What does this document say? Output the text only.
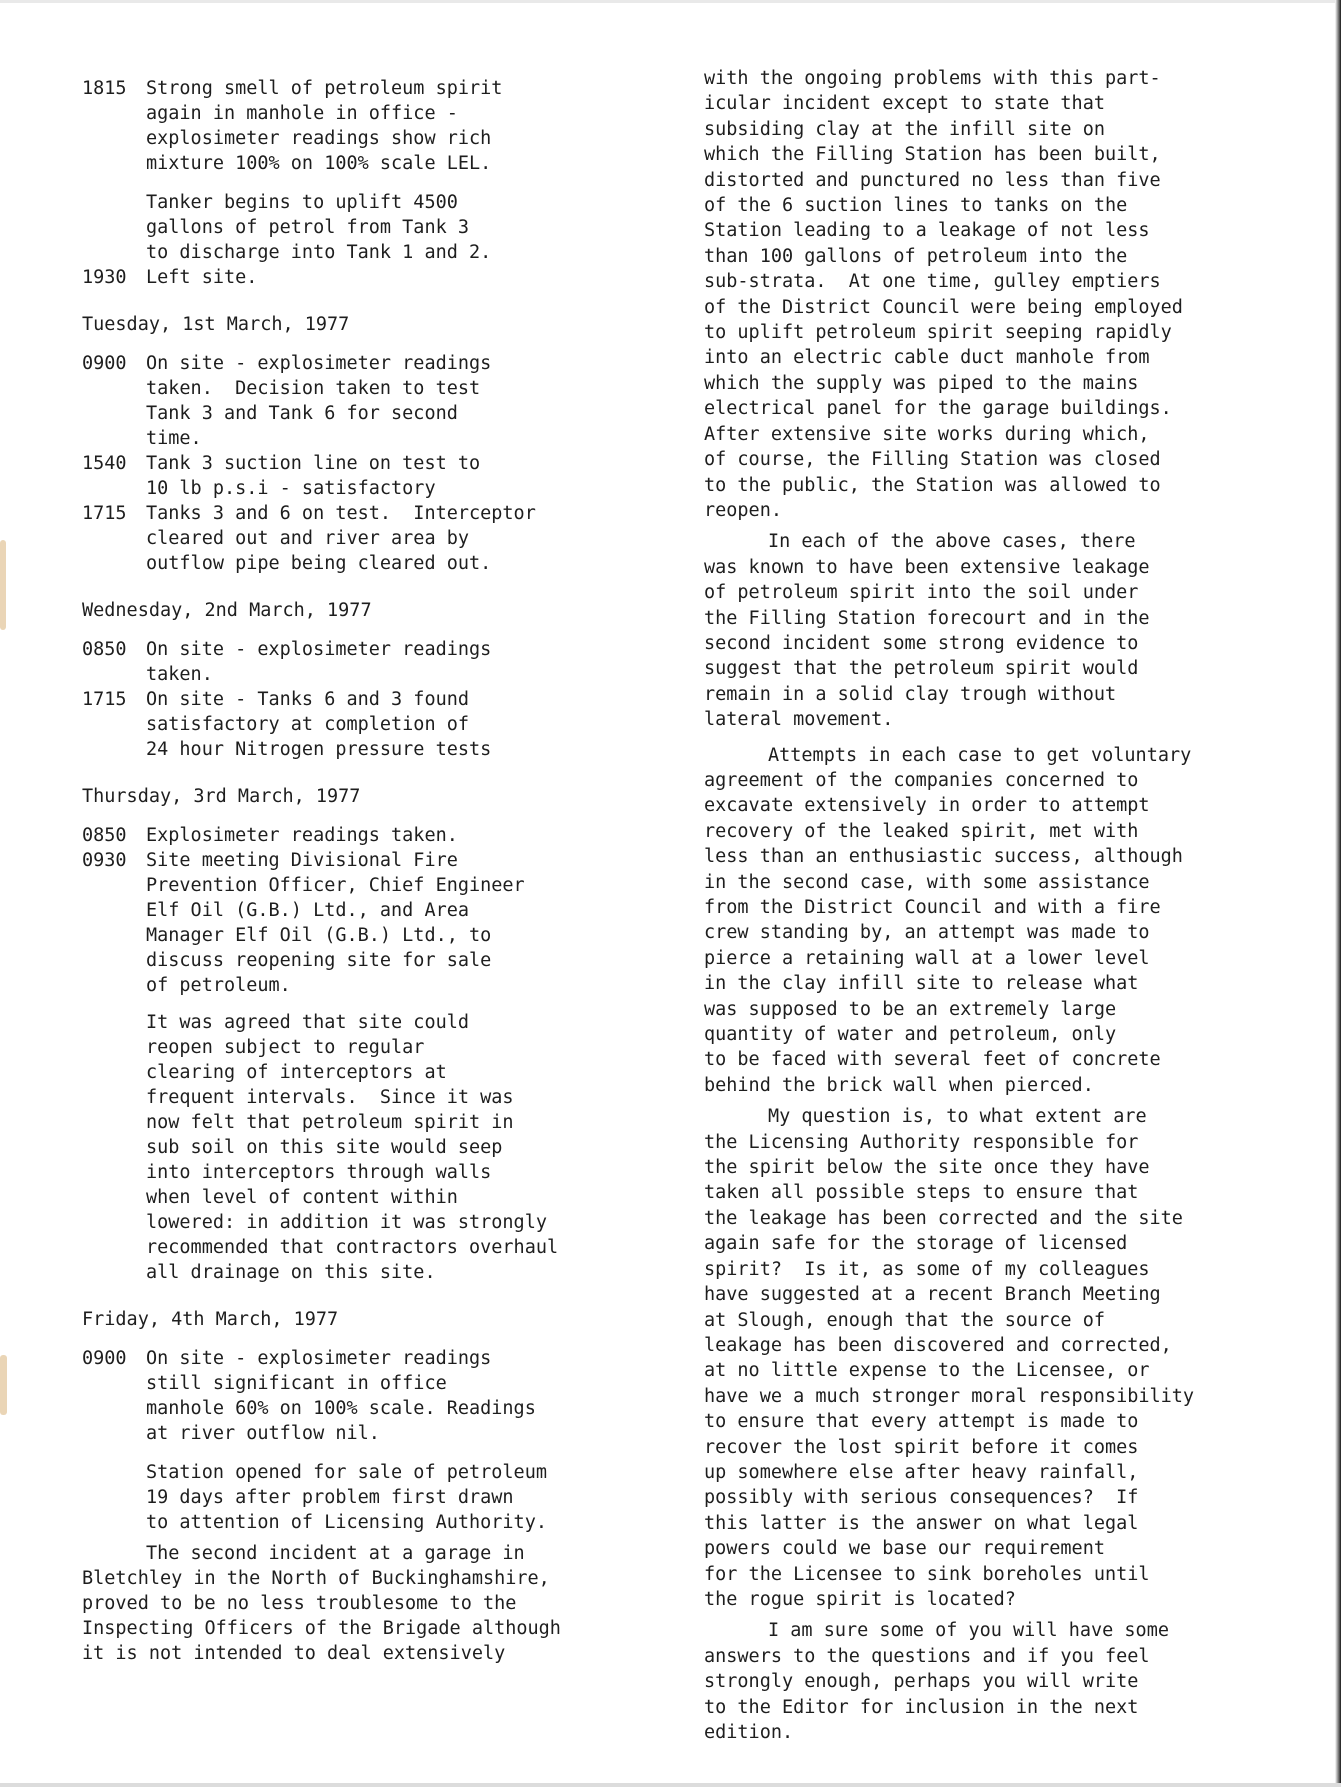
1815 Strong smell of petroleum spirit
again in manhole in office -
explosimeter readings show rich
mixture 100% on 100% scale LEL.
Tanker begins to uplift 4500
gallons of petrol from Tank 3
to discharge into Tank 1 and 2.
1930 Left site.
Tuesday, 1st March, 1977
0900 On site - explosimeter readings
taken.  Decision taken to test
Tank 3 and Tank 6 for second
time.
1540 Tank 3 suction line on test to
10 lb p.s.i - satisfactory
1715 Tanks 3 and 6 on test.  Interceptor
cleared out and river area by
outflow pipe being cleared out.
Wednesday, 2nd March, 1977
0850 On site - explosimeter readings
taken.
1715 On site - Tanks 6 and 3 found
satisfactory at completion of
24 hour Nitrogen pressure tests
Thursday, 3rd March, 1977
0850 Explosimeter readings taken.
0930 Site meeting Divisional Fire
Prevention Officer, Chief Engineer
Elf Oil (G.B.) Ltd., and Area
Manager Elf Oil (G.B.) Ltd., to
discuss reopening site for sale
of petroleum.
It was agreed that site could
reopen subject to regular
clearing of interceptors at
frequent intervals.  Since it was
now felt that petroleum spirit in
sub soil on this site would seep
into interceptors through walls
when level of content within
lowered: in addition it was strongly
recommended that contractors overhaul
all drainage on this site.
Friday, 4th March, 1977
0900 On site - explosimeter readings
still significant in office
manhole 60% on 100% scale. Readings
at river outflow nil.
Station opened for sale of petroleum
19 days after problem first drawn
to attention of Licensing Authority.
The second incident at a garage in
Bletchley in the North of Buckinghamshire,
proved to be no less troublesome to the
Inspecting Officers of the Brigade although
it is not intended to deal extensively
with the ongoing problems with this part-
icular incident except to state that
subsiding clay at the infill site on
which the Filling Station has been built,
distorted and punctured no less than five
of the 6 suction lines to tanks on the
Station leading to a leakage of not less
than 100 gallons of petroleum into the
sub-strata.  At one time, gulley emptiers
of the District Council were being employed
to uplift petroleum spirit seeping rapidly
into an electric cable duct manhole from
which the supply was piped to the mains
electrical panel for the garage buildings.
After extensive site works during which,
of course, the Filling Station was closed
to the public, the Station was allowed to
reopen.
In each of the above cases, there
was known to have been extensive leakage
of petroleum spirit into the soil under
the Filling Station forecourt and in the
second incident some strong evidence to
suggest that the petroleum spirit would
remain in a solid clay trough without
lateral movement.
Attempts in each case to get voluntary
agreement of the companies concerned to
excavate extensively in order to attempt
recovery of the leaked spirit, met with
less than an enthusiastic success, although
in the second case, with some assistance
from the District Council and with a fire
crew standing by, an attempt was made to
pierce a retaining wall at a lower level
in the clay infill site to release what
was supposed to be an extremely large
quantity of water and petroleum, only
to be faced with several feet of concrete
behind the brick wall when pierced.
My question is, to what extent are
the Licensing Authority responsible for
the spirit below the site once they have
taken all possible steps to ensure that
the leakage has been corrected and the site
again safe for the storage of licensed
spirit?  Is it, as some of my colleagues
have suggested at a recent Branch Meeting
at Slough, enough that the source of
leakage has been discovered and corrected,
at no little expense to the Licensee, or
have we a much stronger moral responsibility
to ensure that every attempt is made to
recover the lost spirit before it comes
up somewhere else after heavy rainfall,
possibly with serious consequences?  If
this latter is the answer on what legal
powers could we base our requirement
for the Licensee to sink boreholes until
the rogue spirit is located?
I am sure some of you will have some
answers to the questions and if you feel
strongly enough, perhaps you will write
to the Editor for inclusion in the next
edition.
